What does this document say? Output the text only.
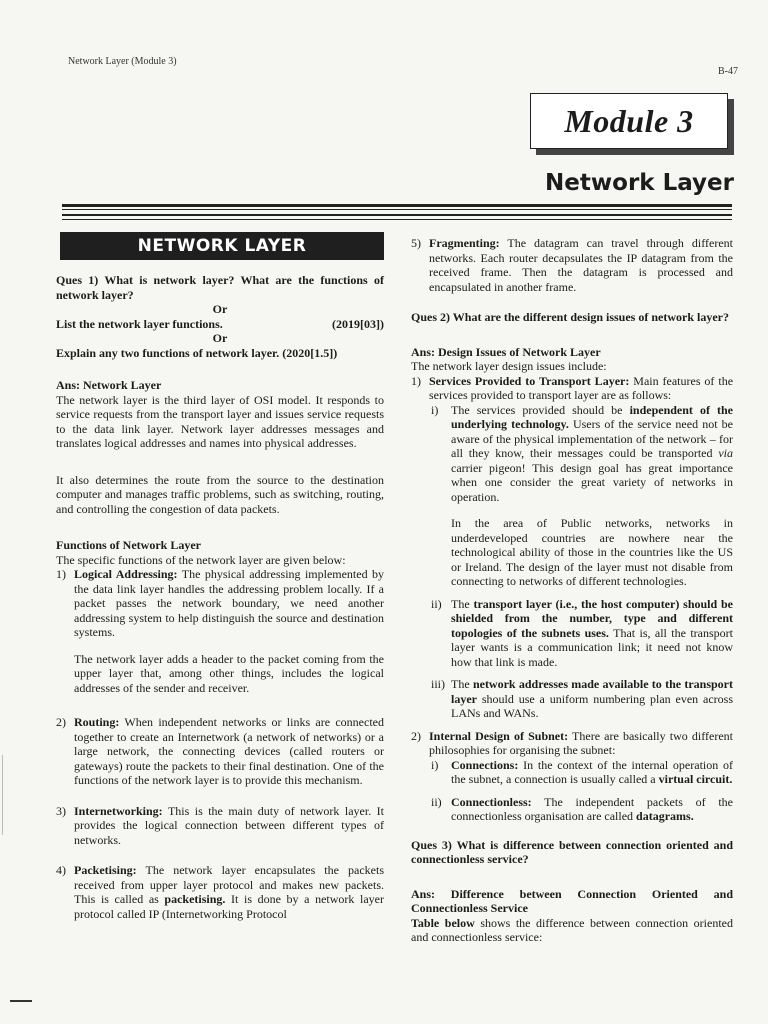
Network Layer (Module 3)
B-47
Module 3
Network Layer
NETWORK LAYER

Ques 1) What is network layer? What are the functions of network layer?

Or

List the network layer functions.	(2019[03])

Or

Explain any two functions of network layer. (2020[1.5])

Ans: Network Layer

The network layer is the third layer of OSI model. It responds to service requests from the transport layer and issues service requests to the data link layer. Network layer addresses messages and translates logical addresses and names into physical addresses.

It also determines the route from the source to the destination computer and manages traffic problems, such as switching, routing, and controlling the congestion of data packets.

Functions of Network Layer

The specific functions of the network layer are given below:

1) Logical Addressing: The physical addressing implemented by the data link layer handles the addressing problem locally. If a packet passes the network boundary, we need another addressing system to help distinguish the source and destination systems.

The network layer adds a header to the packet coming from the upper layer that, among other things, includes the logical addresses of the sender and receiver.

2) Routing: When independent networks or links are connected together to create an Internetwork (a network of networks) or a large network, the connecting devices (called routers or gateways) route the packets to their final destination. One of the functions of the network layer is to provide this mechanism.
3) Internetworking: This is the main duty of network layer. It provides the logical connection between different types of networks.
4) Packetising: The network layer encapsulates the packets received from upper layer protocol and makes new packets. This is called as packetising. It is done by a network layer protocol called IP (Internetworking Protocol
5) Fragmenting: The datagram can travel through different networks. Each router decapsulates the IP datagram from the received frame. Then the datagram is processed and encapsulated in another frame.

Ques 2) What are the different design issues of network layer?

Ans: Design Issues of Network Layer

The network layer design issues include:

1) Services Provided to Transport Layer: Main features of the services provided to transport layer are as follows:
i) The services provided should be independent of the underlying technology. Users of the service need not be aware of the physical implementation of the network – for all they know, their messages could be transported via carrier pigeon! This design goal has great importance when one consider the great variety of networks in operation.

In the area of Public networks, networks in underdeveloped countries are nowhere near the technological ability of those in the countries like the US or Ireland. The design of the layer must not disable from connecting to networks of different technologies.

ii) The transport layer (i.e., the host computer) should be shielded from the number, type and different topologies of the subnets uses. That is, all the transport layer wants is a communication link; it need not know how that link is made.
iii) The network addresses made available to the transport layer should use a uniform numbering plan even across LANs and WANs.
2) Internal Design of Subnet: There are basically two different philosophies for organising the subnet:
i) Connections: In the context of the internal operation of the subnet, a connection is usually called a virtual circuit.
ii) Connectionless: The independent packets of the connectionless organisation are called datagrams.

Ques 3) What is difference between connection oriented and connectionless service?

Ans: Difference between Connection Oriented and Connectionless Service

Table below shows the difference between connection oriented and connectionless service:
